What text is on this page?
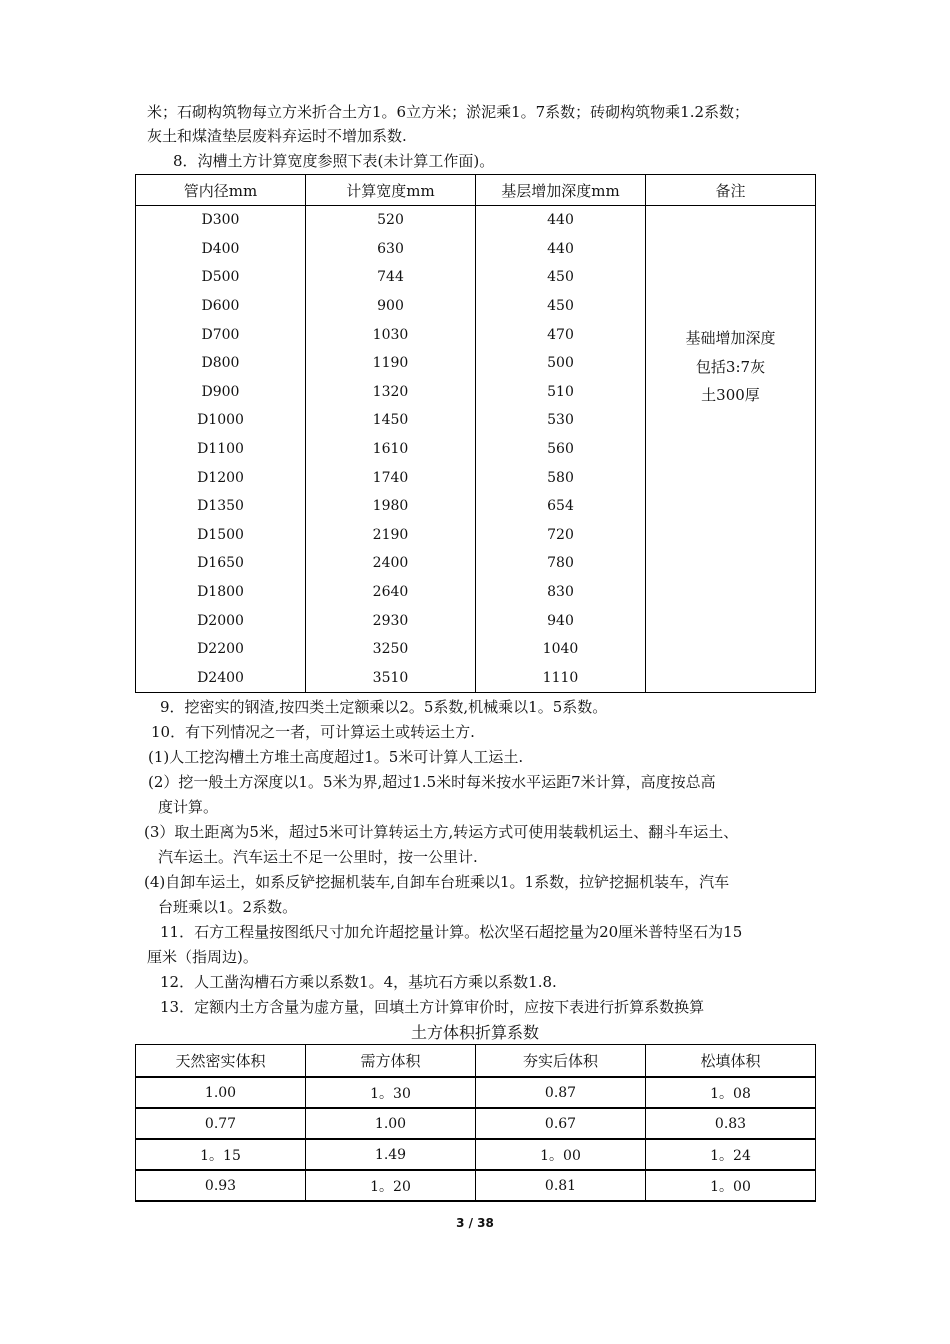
米；石砌构筑物每立方米折合土方1。6立方米；淤泥乘1。7系数；砖砌构筑物乘1.2系数；
灰土和煤渣垫层废料弃运时不增加系数.
8．沟槽土方计算宽度参照下表(未计算工作面)。
管内径mm	计算宽度mm	基层增加深度mm	备注
D300	520	440	基础增加深度
包括3:7灰
土300厚

D400	630	440	
D500	744	450	
D600	900	450	
D700	1030	470	
D800	1190	500	
D900	1320	510	
D1000	1450	530	
D1100	1610	560	
D1200	1740	580	
D1350	1980	654	
D1500	2190	720	
D1650	2400	780	
D1800	2640	830	
D2000	2930	940	
D2200	3250	1040	
D2400	3510	1110	
9．挖密实的钢渣,按四类土定额乘以2。5系数,机械乘以1。5系数。
10．有下列情况之一者，可计算运土或转运土方.
(1)人工挖沟槽土方堆土高度超过1。5米可计算人工运土.
(2）挖一般土方深度以1。5米为界,超过1.5米时每米按水平运距7米计算，高度按总高
度计算。
(3）取土距离为5米，超过5米可计算转运土方,转运方式可使用装载机运土、翻斗车运土、
汽车运土。汽车运土不足一公里时，按一公里计.
(4)自卸车运土，如系反铲挖掘机装车,自卸车台班乘以1。1系数，拉铲挖掘机装车，汽车
台班乘以1。2系数。
11．石方工程量按图纸尺寸加允许超挖量计算。松次坚石超挖量为20厘米普特坚石为15
厘米（指周边)。
12．人工凿沟槽石方乘以系数1。4，基坑石方乘以系数1.8.
13．定额内土方含量为虚方量，回填土方计算审价时，应按下表进行折算系数换算
土方体积折算系数
天然密实体积	需方体积	夯实后体积	松填体积
1.00	1。30	0.87	1。08
0.77	1.00	0.67	0.83
1。15	1.49	1。00	1。24
0.93	1。20	0.81	1。00
3 / 38
